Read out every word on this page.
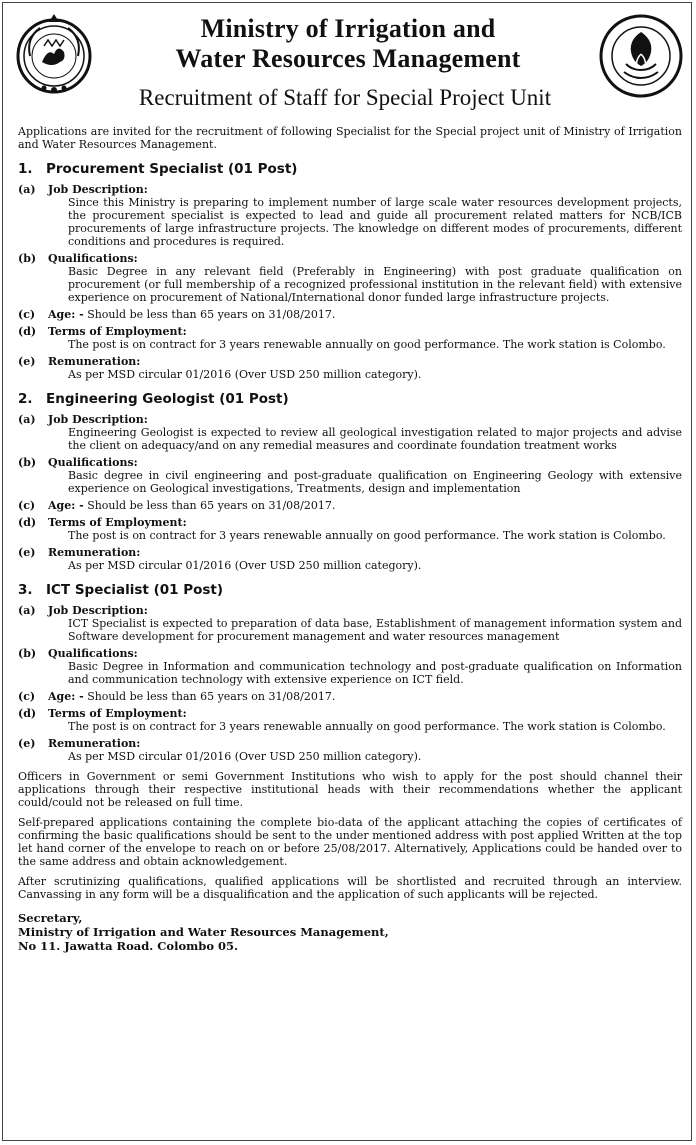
Ministry of Irrigation and
Water Resources Management
Recruitment of Staff for Special Project Unit

Applications are invited for the recruitment of following Specialist for the Special project unit of Ministry of Irrigation and Water Resources Management.

1. Procurement Specialist (01 Post)
(a)	Job Description:
Since this Ministry is preparing to implement number of large scale water resources development projects, the procurement specialist is expected to lead and guide all procurement related matters for NCB/ICB procurements of large infrastructure projects. The knowledge on different modes of procurements, different conditions and procedures is required.
(b)	Qualifications:
Basic Degree in any relevant field (Preferably in Engineering) with post graduate qualification on procurement (or full membership of a recognized professional institution in the relevant field) with extensive experience on procurement of National/International donor funded large infrastructure projects.
(c)	Age: - Should be less than 65 years on 31/08/2017.
(d)	Terms of Employment:
The post is on contract for 3 years renewable annually on good performance. The work station is Colombo.
(e)	Remuneration:
As per MSD circular 01/2016 (Over USD 250 million category).
2. Engineering Geologist (01 Post)
(a)	Job Description:
Engineering Geologist is expected to review all geological investigation related to major projects and advise the client on adequacy/and on any remedial measures and coordinate foundation treatment works
(b)	Qualifications:
Basic degree in civil engineering and post-graduate qualification on Engineering Geology with extensive experience on Geological investigations, Treatments, design and implementation
(c)	Age: - Should be less than 65 years on 31/08/2017.
(d)	Terms of Employment:
The post is on contract for 3 years renewable annually on good performance. The work station is Colombo.
(e)	Remuneration:
As per MSD circular 01/2016 (Over USD 250 million category).
3. ICT Specialist (01 Post)
(a)	Job Description:
ICT Specialist is expected to preparation of data base, Establishment of management information system and Software development for procurement management and water resources management
(b)	Qualifications:
Basic Degree in Information and communication technology and post-graduate qualification on Information and communication technology with extensive experience on ICT field.
(c)	Age: - Should be less than 65 years on 31/08/2017.
(d)	Terms of Employment:
The post is on contract for 3 years renewable annually on good performance. The work station is Colombo.
(e)	Remuneration:
As per MSD circular 01/2016 (Over USD 250 million category).

Officers in Government or semi Government Institutions who wish to apply for the post should channel their applications through their respective institutional heads with their recommendations whether the applicant could/could not be released on full time.

Self-prepared applications containing the complete bio-data of the applicant attaching the copies of certificates of confirming the basic qualifications should be sent to the under mentioned address with post applied Written at the top let hand corner of the envelope to reach on or before 25/08/2017. Alternatively, Applications could be handed over to the same address and obtain acknowledgement.

After scrutinizing qualifications, qualified applications will be shortlisted and recruited through an interview. Canvassing in any form will be a disqualification and the application of such applicants will be rejected.

Secretary,
Ministry of Irrigation and Water Resources Management,
No 11. Jawatta Road. Colombo 05.
